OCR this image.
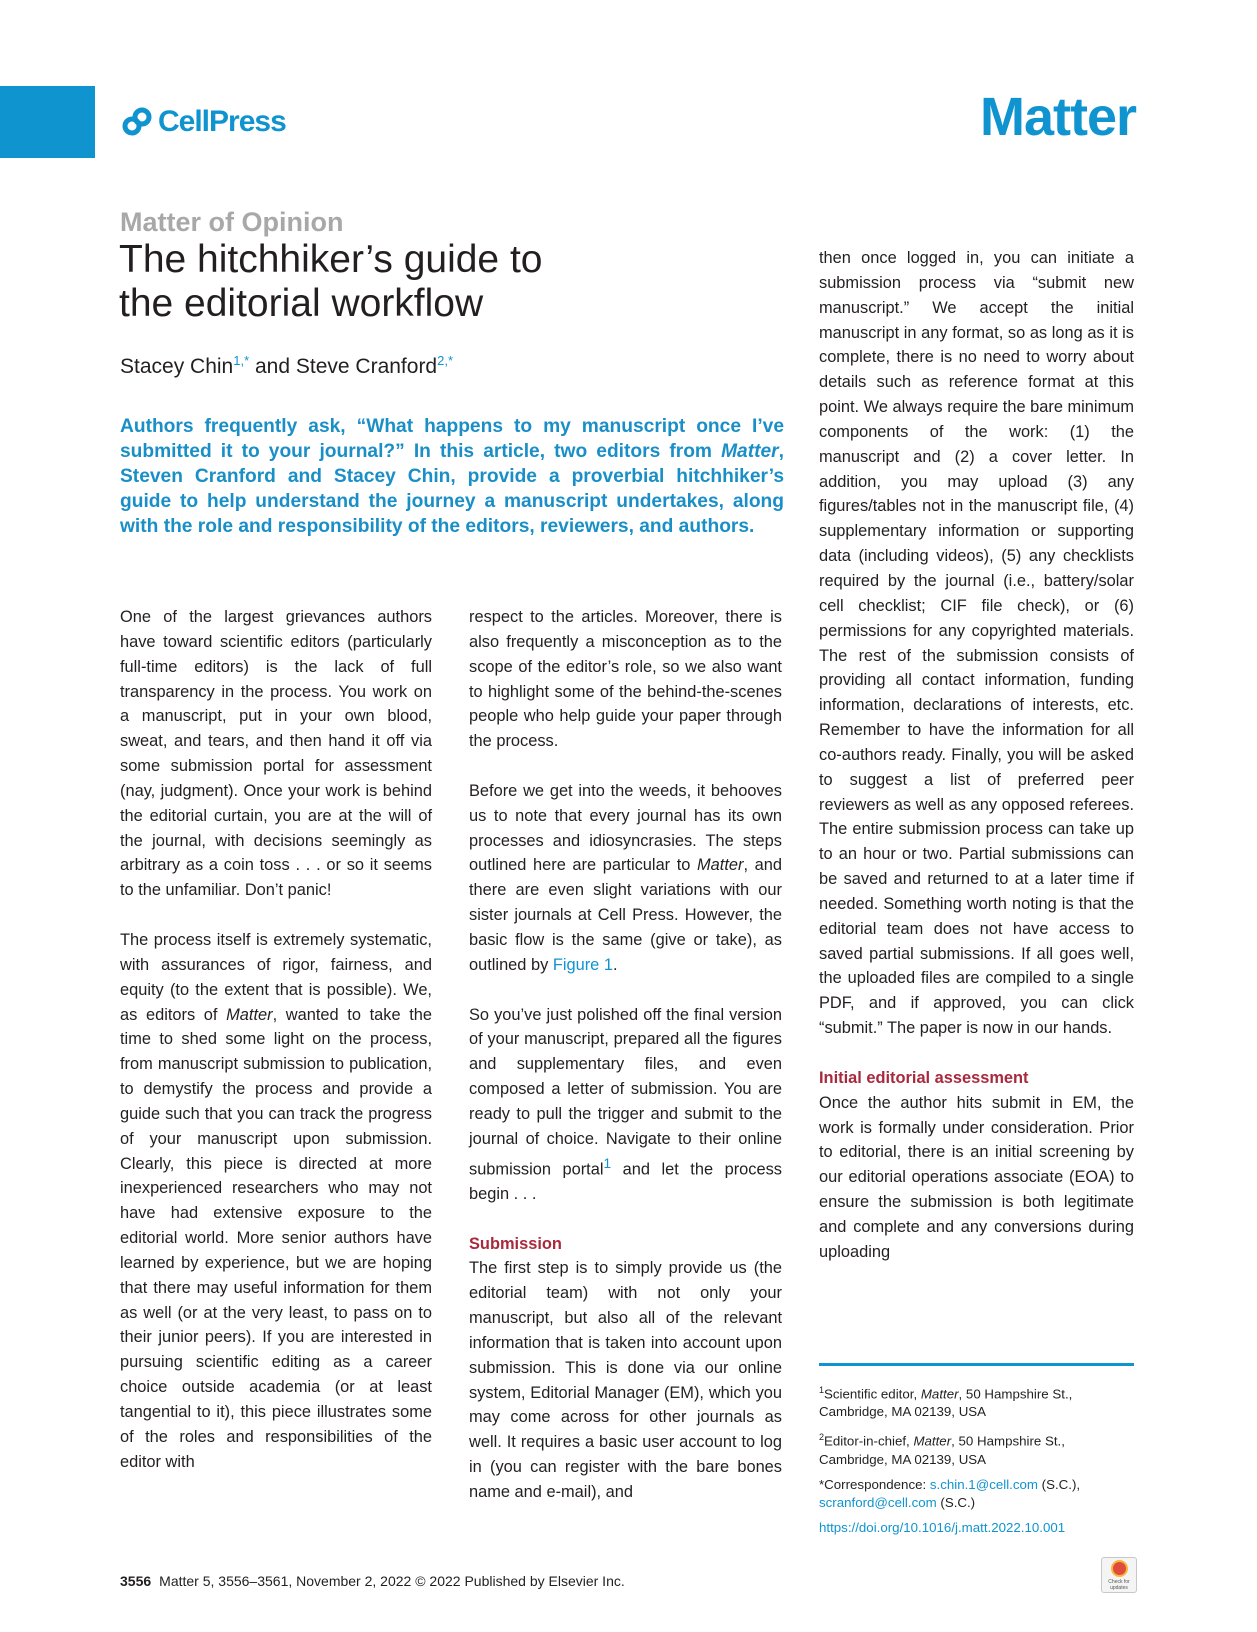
CellPress	Matter
Matter of Opinion
The hitchhiker’s guide to
the editorial workflow
Stacey Chin$^{1,*}$ and Steve Cranford$^{2,*}$
Authors frequently ask, “What happens to my manuscript once I’ve submitted it to your journal?” In this article, two editors from Matter, Steven Cranford and Stacey Chin, provide a proverbial hitchhiker’s guide to help understand the journey a manuscript undertakes, along with the role and responsibility of the editors, reviewers, and authors.

One of the largest grievances authors have toward scientific editors (particularly full-time editors) is the lack of full transparency in the process. You work on a manuscript, put in your own blood, sweat, and tears, and then hand it off via some submission portal for assessment (nay, judgment). Once your work is behind the editorial curtain, you are at the will of the journal, with decisions seemingly as arbitrary as a coin toss . . . or so it seems to the unfamiliar. Don’t panic!

The process itself is extremely systematic, with assurances of rigor, fairness, and equity (to the extent that is possible). We, as editors of Matter, wanted to take the time to shed some light on the process, from manuscript submission to publication, to demystify the process and provide a guide such that you can track the progress of your manuscript upon submission. Clearly, this piece is directed at more inexperienced researchers who may not have had extensive exposure to the editorial world. More senior authors have learned by experience, but we are hoping that there may useful information for them as well (or at the very least, to pass on to their junior peers). If you are interested in pursuing scientific editing as a career choice outside academia (or at least tangential to it), this piece illustrates some of the roles and responsibilities of the editor with

respect to the articles. Moreover, there is also frequently a misconception as to the scope of the editor’s role, so we also want to highlight some of the behind-the-scenes people who help guide your paper through the process.

Before we get into the weeds, it behooves us to note that every journal has its own processes and idiosyncrasies. The steps outlined here are particular to Matter, and there are even slight variations with our sister journals at Cell Press. However, the basic flow is the same (give or take), as outlined by Figure 1.

So you’ve just polished off the final version of your manuscript, prepared all the figures and supplementary files, and even composed a letter of submission. You are ready to pull the trigger and submit to the journal of choice. Navigate to their online submission portal$^1$ and let the process begin . . .

Submission
The first step is to simply provide us (the editorial team) with not only your manuscript, but also all of the relevant information that is taken into account upon submission. This is done via our online system, Editorial Manager (EM), which you may come across for other journals as well. It requires a basic user account to log in (you can register with the bare bones name and e-mail), and

then once logged in, you can initiate a submission process via “submit new manuscript.” We accept the initial manuscript in any format, so as long as it is complete, there is no need to worry about details such as reference format at this point. We always require the bare minimum components of the work: (1) the manuscript and (2) a cover letter. In addition, you may upload (3) any figures/tables not in the manuscript file, (4) supplementary information or supporting data (including videos), (5) any checklists required by the journal (i.e., battery/solar cell checklist; CIF file check), or (6) permissions for any copyrighted materials. The rest of the submission consists of providing all contact information, funding information, declarations of interests, etc. Remember to have the information for all co-authors ready. Finally, you will be asked to suggest a list of preferred peer reviewers as well as any opposed referees. The entire submission process can take up to an hour or two. Partial submissions can be saved and returned to at a later time if needed. Something worth noting is that the editorial team does not have access to saved partial submissions. If all goes well, the uploaded files are compiled to a single PDF, and if approved, you can click “submit.” The paper is now in our hands.

Initial editorial assessment
Once the author hits submit in EM, the work is formally under consideration. Prior to editorial, there is an initial screening by our editorial operations associate (EOA) to ensure the submission is both legitimate and complete and any conversions during uploading

$^1$Scientific editor, Matter, 50 Hampshire St., Cambridge, MA 02139, USA

$^2$Editor-in-chief, Matter, 50 Hampshire St., Cambridge, MA 02139, USA

*Correspondence: s.chin.1@cell.com (S.C.),
scranford@cell.com (S.C.)

https://doi.org/10.1016/j.matt.2022.10.001

3556 Matter 5, 3556–3561, November 2, 2022 © 2022 Published by Elsevier Inc.	Check for updates
